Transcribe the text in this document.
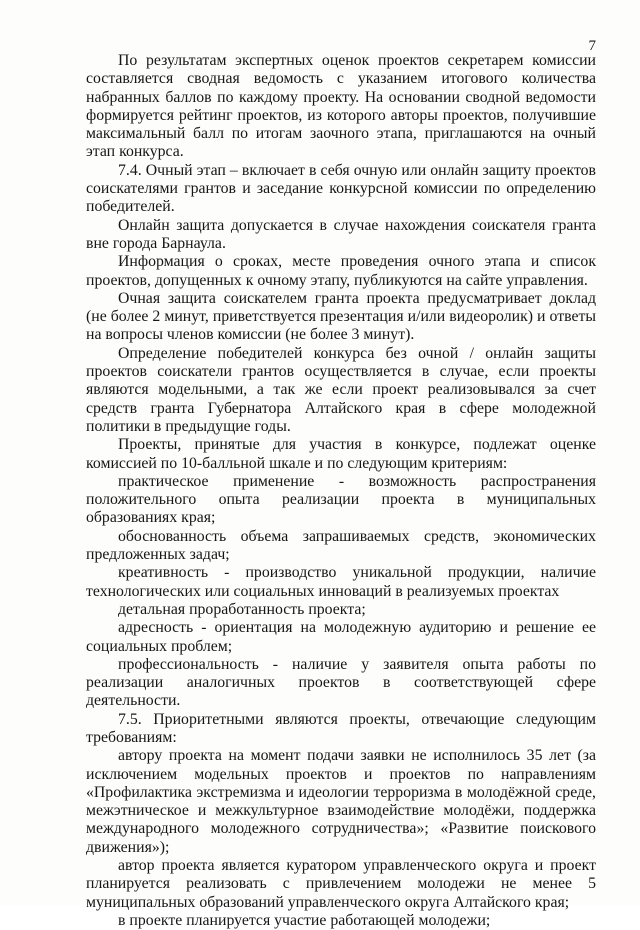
7

По результатам экспертных оценок проектов секретарем комиссии составляется сводная ведомость с указанием итогового количества набранных баллов по каждому проекту. На основании сводной ведомости формируется рейтинг проектов, из которого авторы проектов, получившие максимальный балл по итогам заочного этапа, приглашаются на очный этап конкурса.

7.4. Очный этап – включает в себя очную или онлайн защиту проектов соискателями грантов и заседание конкурсной комиссии по определению победителей.

Онлайн защита допускается в случае нахождения соискателя гранта вне города Барнаула.

Информация о сроках, месте проведения очного этапа и список проектов, допущенных к очному этапу, публикуются на сайте управления.

Очная защита соискателем гранта проекта предусматривает доклад (не более 2 минут, приветствуется презентация и/или видеоролик) и ответы на вопросы членов комиссии (не более 3 минут).

Определение победителей конкурса без очной / онлайн защиты проектов соискатели грантов осуществляется в случае, если проекты являются модельными, а так же если проект реализовывался за счет средств гранта Губернатора Алтайского края в сфере молодежной политики в предыдущие годы.

Проекты, принятые для участия в конкурсе, подлежат оценке комиссией по 10-балльной шкале и по следующим критериям:

практическое применение - возможность распространения положительного опыта реализации проекта в муниципальных образованиях края;

обоснованность объема запрашиваемых средств, экономических предложенных задач;

креативность - производство уникальной продукции, наличие технологических или социальных инноваций в реализуемых проектах

детальная проработанность проекта;

адресность - ориентация на молодежную аудиторию и решение ее социальных проблем;

профессиональность - наличие у заявителя опыта работы по реализации аналогичных проектов в соответствующей сфере деятельности.

7.5. Приоритетными являются проекты, отвечающие следующим требованиям:

автору проекта на момент подачи заявки не исполнилось 35 лет (за исключением модельных проектов и проектов по направлениям «Профилактика экстремизма и идеологии терроризма в молодёжной среде, межэтническое и межкультурное взаимодействие молодёжи, поддержка международного молодежного сотрудничества»; «Развитие поискового движения»);

автор проекта является куратором управленческого округа и проект планируется реализовать с привлечением молодежи не менее 5 муниципальных образований управленческого округа Алтайского края;

в проекте планируется участие работающей молодежи;
